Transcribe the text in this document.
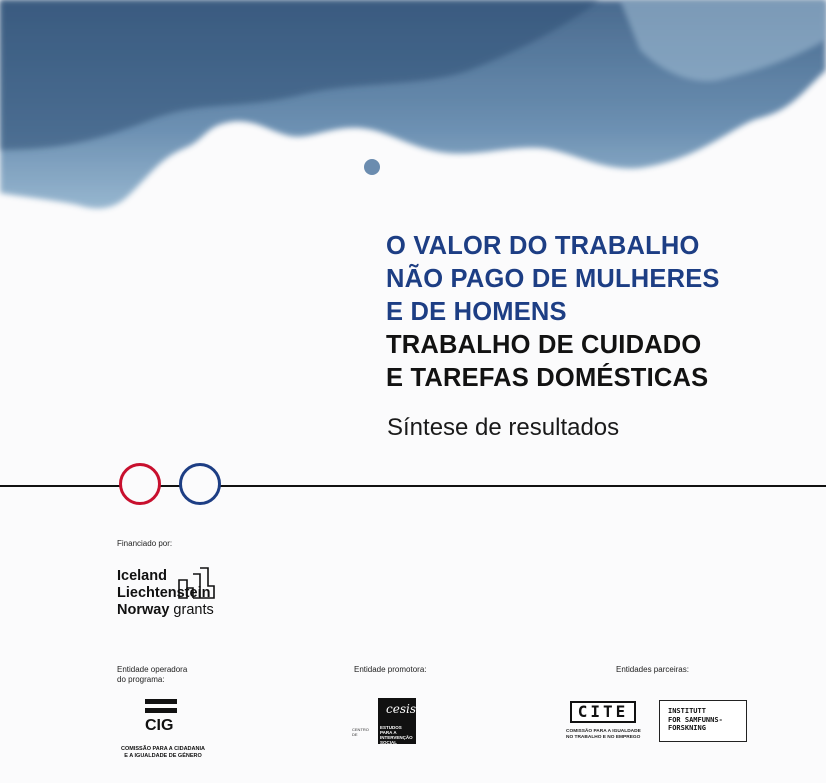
O VALOR DO TRABALHO
NÃO PAGO DE MULHERES
E DE HOMENS
TRABALHO DE CUIDADO
E TAREFAS DOMÉSTICAS
Síntese de resultados
Financiado por:
Iceland
Liechtenstein
Norway grants
Entidade operadora
do programa:
CIG
COMISSÃO PARA A CIDADANIA
E A IGUALDADE DE GÉNERO
Entidade promotora:
cesis
CENTRO
DE
ESTUDOS
PARA A INTERVENÇÃO
SOCIAL
Entidades parceiras:
CITE
COMISSÃO PARA A IGUALDADE
NO TRABALHO E NO EMPREGO
INSTITUTT
FOR SAMFUNNS-
FORSKNING
